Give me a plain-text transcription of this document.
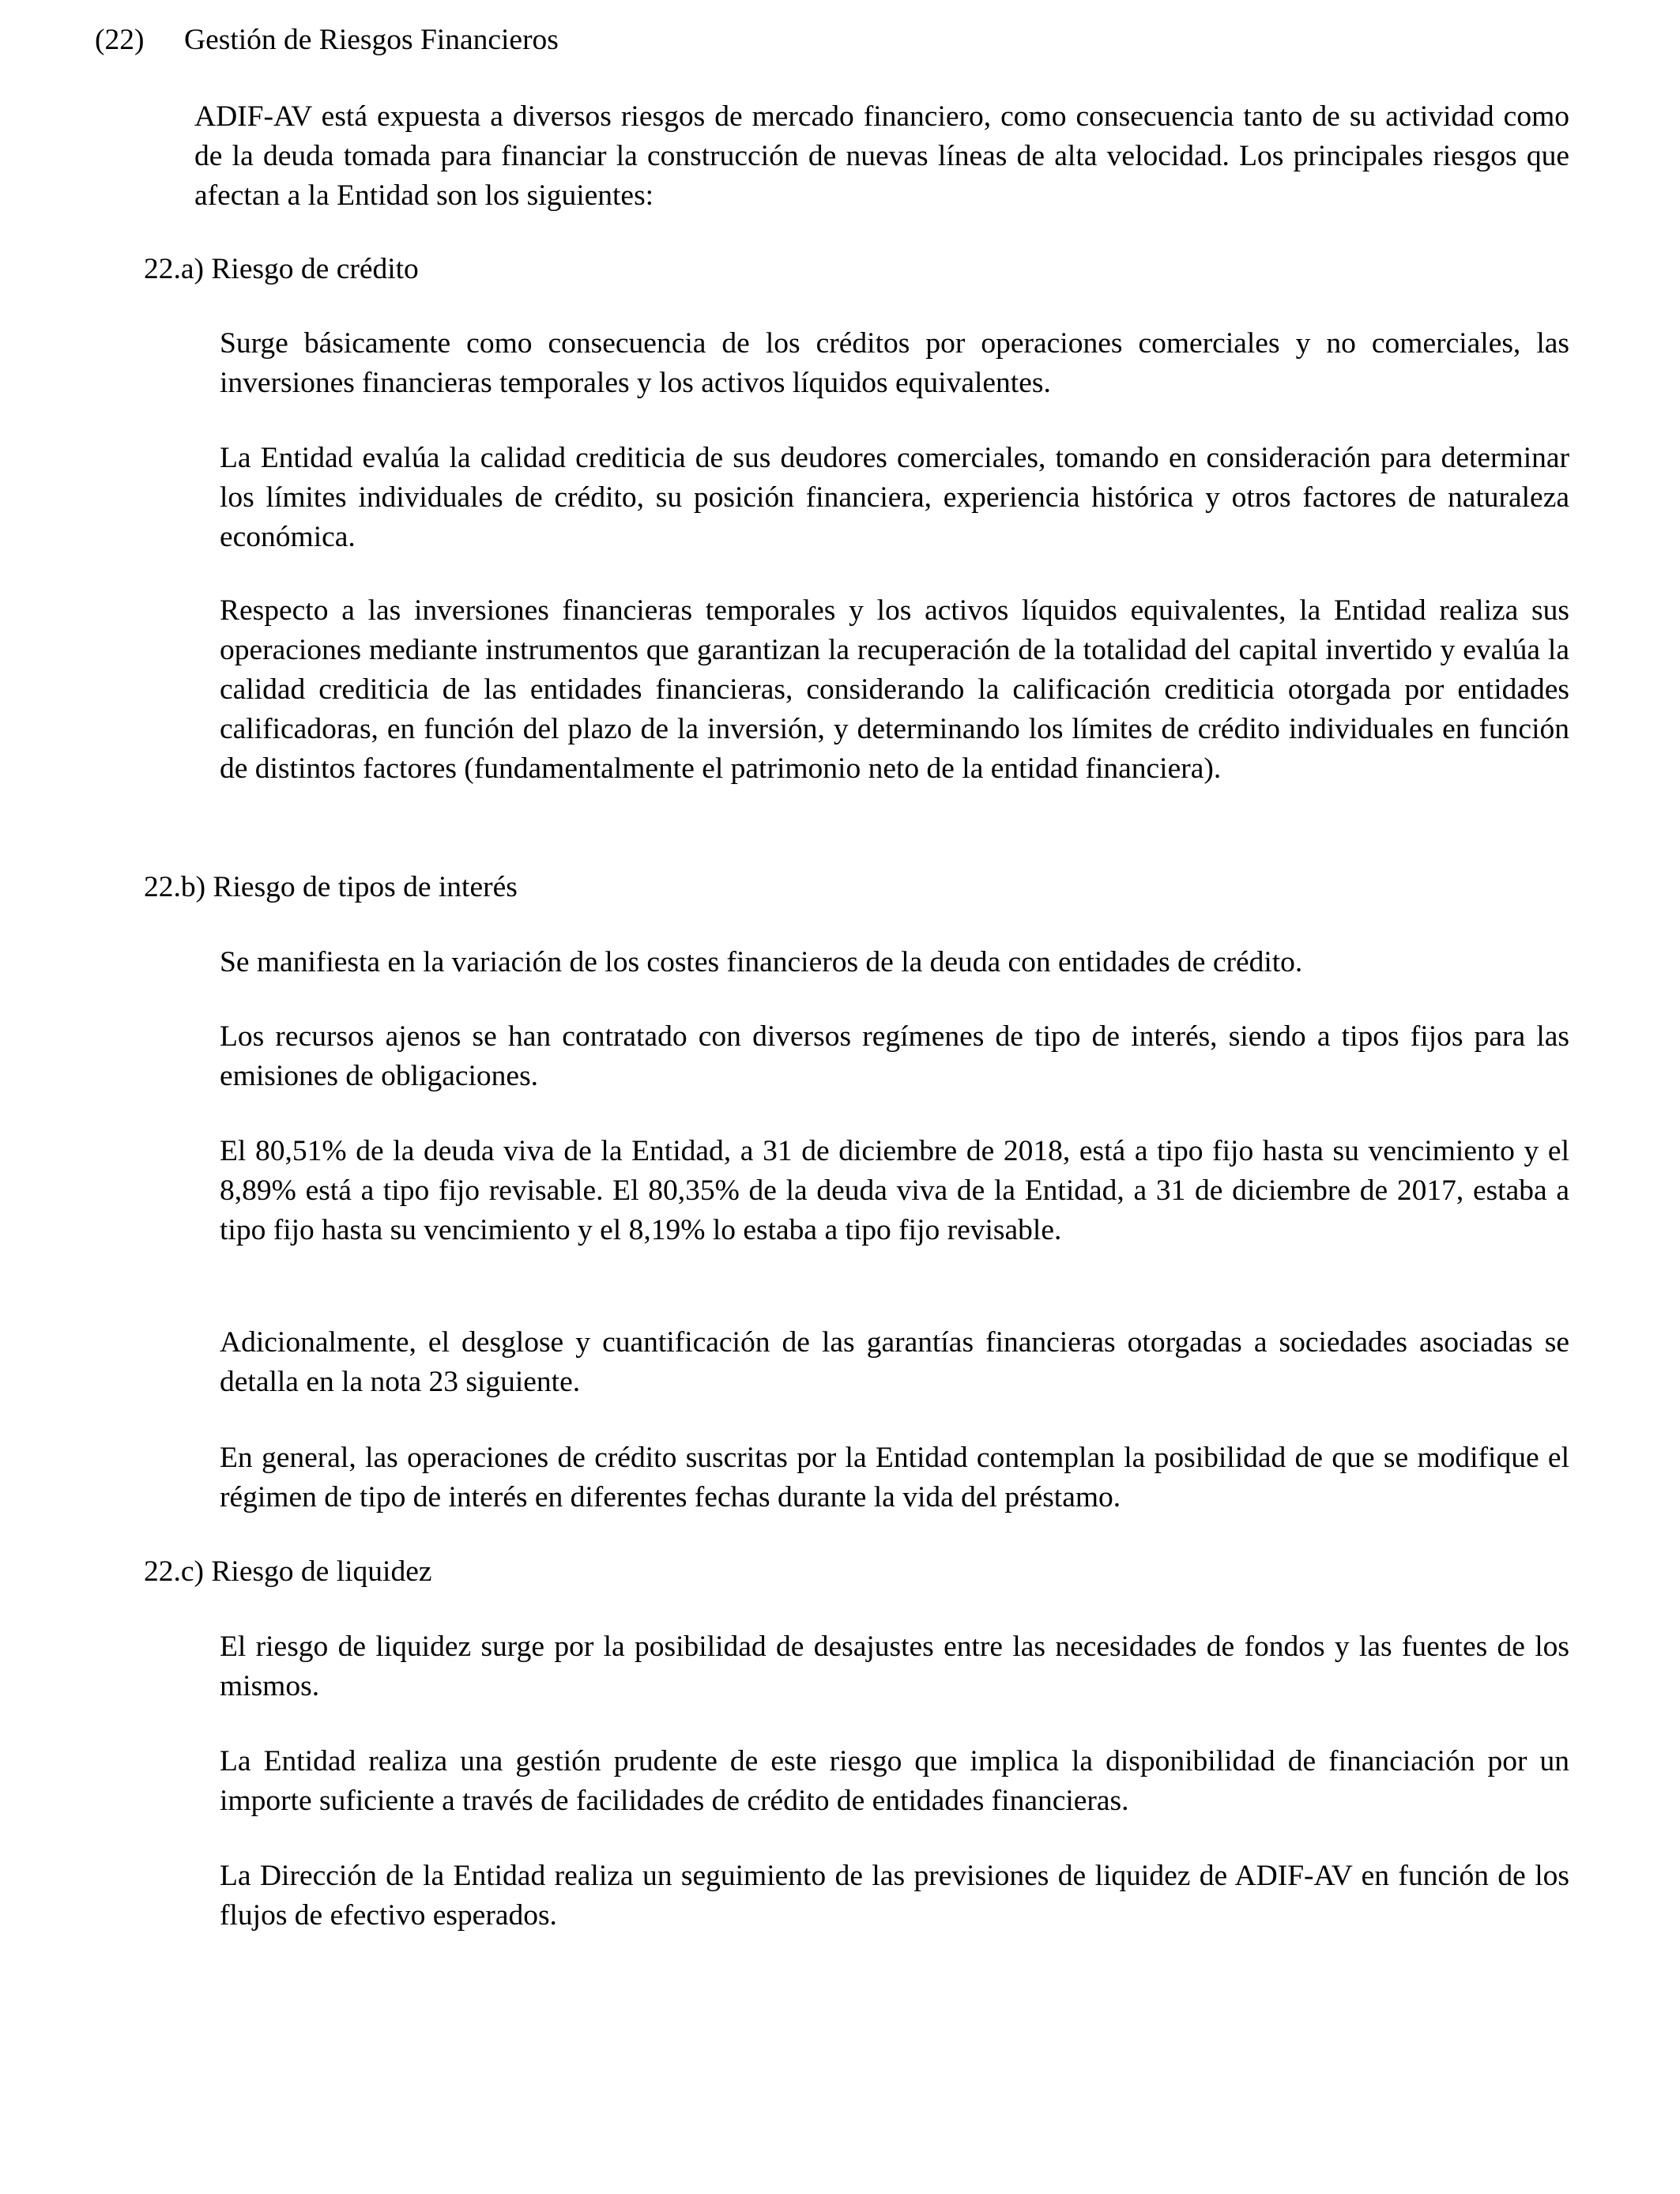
(22) Gestión de Riesgos Financieros

ADIF-AV está expuesta a diversos riesgos de mercado financiero, como consecuencia tanto de su actividad como de la deuda tomada para financiar la construcción de nuevas líneas de alta velocidad. Los principales riesgos que afectan a la Entidad son los siguientes:

22.a) Riesgo de crédito

Surge básicamente como consecuencia de los créditos por operaciones comerciales y no comerciales, las inversiones financieras temporales y los activos líquidos equivalentes.

La Entidad evalúa la calidad crediticia de sus deudores comerciales, tomando en consideración para determinar los límites individuales de crédito, su posición financiera, experiencia histórica y otros factores de naturaleza económica.

Respecto a las inversiones financieras temporales y los activos líquidos equivalentes, la Entidad realiza sus operaciones mediante instrumentos que garantizan la recuperación de la totalidad del capital invertido y evalúa la calidad crediticia de las entidades financieras, considerando la calificación crediticia otorgada por entidades calificadoras, en función del plazo de la inversión, y determinando los límites de crédito individuales en función de distintos factores (fundamentalmente el patrimonio neto de la entidad financiera).

22.b) Riesgo de tipos de interés

Se manifiesta en la variación de los costes financieros de la deuda con entidades de crédito.

Los recursos ajenos se han contratado con diversos regímenes de tipo de interés, siendo a tipos fijos para las emisiones de obligaciones.

El 80,51% de la deuda viva de la Entidad, a 31 de diciembre de 2018, está a tipo fijo hasta su vencimiento y el 8,89% está a tipo fijo revisable. El 80,35% de la deuda viva de la Entidad, a 31 de diciembre de 2017, estaba a tipo fijo hasta su vencimiento y el 8,19% lo estaba a tipo fijo revisable.

Adicionalmente, el desglose y cuantificación de las garantías financieras otorgadas a sociedades asociadas se detalla en la nota 23 siguiente.

En general, las operaciones de crédito suscritas por la Entidad contemplan la posibilidad de que se modifique el régimen de tipo de interés en diferentes fechas durante la vida del préstamo.

22.c) Riesgo de liquidez

El riesgo de liquidez surge por la posibilidad de desajustes entre las necesidades de fondos y las fuentes de los mismos.

La Entidad realiza una gestión prudente de este riesgo que implica la disponibilidad de financiación por un importe suficiente a través de facilidades de crédito de entidades financieras.

La Dirección de la Entidad realiza un seguimiento de las previsiones de liquidez de ADIF-AV en función de los flujos de efectivo esperados.
